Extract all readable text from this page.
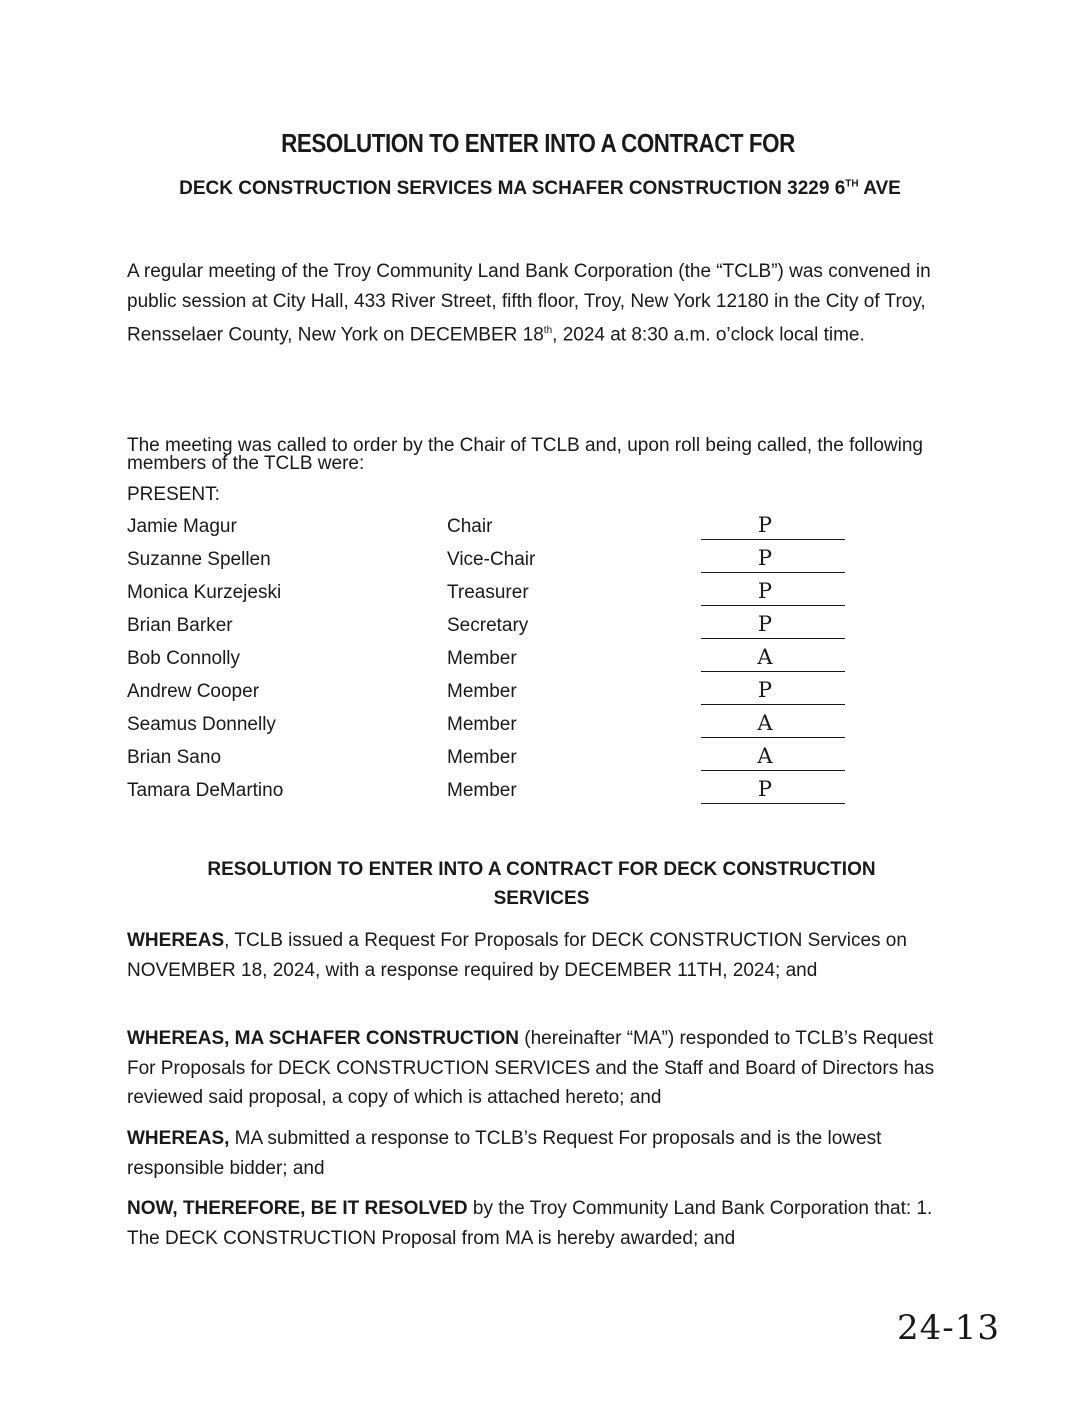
RESOLUTION TO ENTER INTO A CONTRACT FOR
DECK CONSTRUCTION SERVICES MA SCHAFER CONSTRUCTION 3229 6TH AVE
A regular meeting of the Troy Community Land Bank Corporation (the “TCLB”) was convened in public session at City Hall, 433 River Street, fifth floor, Troy, New York 12180 in the City of Troy, Rensselaer County, New York on DECEMBER 18th, 2024 at 8:30 a.m. o’clock local time.
The meeting was called to order by the Chair of TCLB and, upon roll being called, the following members of the TCLB were:
PRESENT:
Jamie Magur	Chair	P
Suzanne Spellen	Vice-Chair	P
Monica Kurzejeski	Treasurer	P
Brian Barker	Secretary	P
Bob Connolly	Member	A
Andrew Cooper	Member	P
Seamus Donnelly	Member	A
Brian Sano	Member	A
Tamara DeMartino	Member	P
RESOLUTION TO ENTER INTO A CONTRACT FOR DECK CONSTRUCTION
SERVICES
WHEREAS, TCLB issued a Request For Proposals for DECK CONSTRUCTION Services on NOVEMBER 18, 2024, with a response required by DECEMBER 11TH, 2024; and
WHEREAS, MA SCHAFER CONSTRUCTION (hereinafter “MA”) responded to TCLB’s Request For Proposals for DECK CONSTRUCTION SERVICES and the Staff and Board of Directors has reviewed said proposal, a copy of which is attached hereto; and
WHEREAS, MA submitted a response to TCLB’s Request For proposals and is the lowest responsible bidder; and
NOW, THEREFORE, BE IT RESOLVED by the Troy Community Land Bank Corporation that: 1. The DECK CONSTRUCTION Proposal from MA is hereby awarded; and
24-13
